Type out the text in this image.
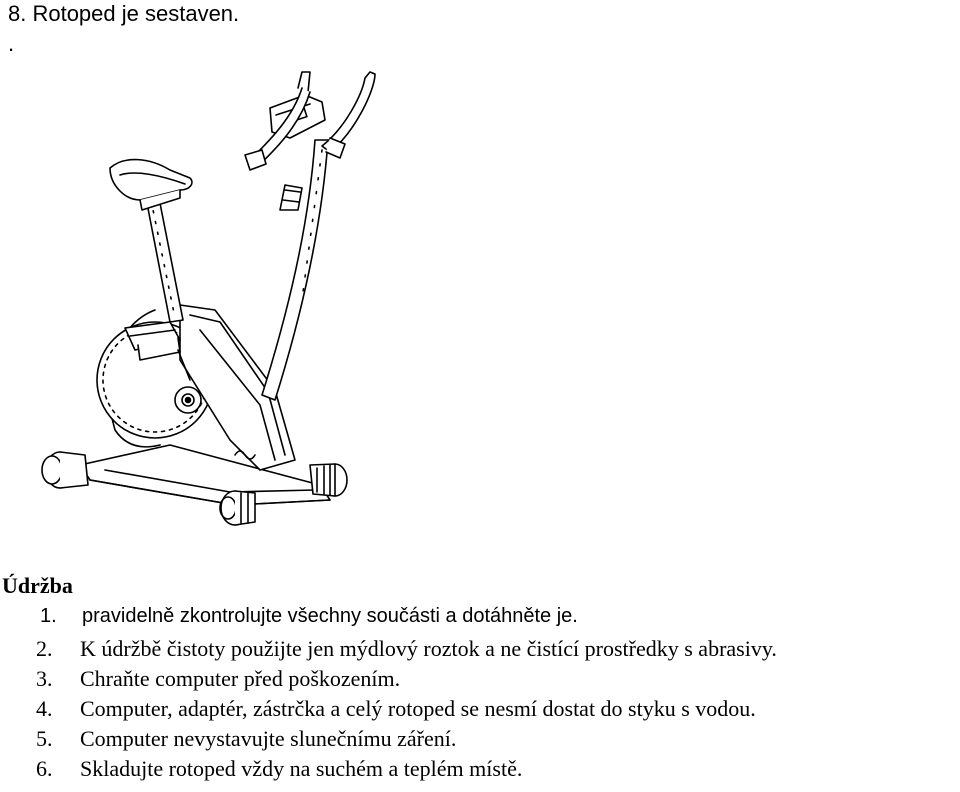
8. Rotoped je sestaven.
.
Údržba
1.	pravidelně zkontrolujte všechny součásti a dotáhněte je.
2.	K údržbě čistoty použijte jen mýdlový roztok a ne čistící prostředky s abrasivy.
3.	Chraňte computer před poškozením.
4.	Computer, adaptér, zástrčka a celý rotoped se nesmí dostat do styku s vodou.
5.	Computer nevystavujte slunečnímu záření.
6.	Skladujte rotoped vždy na suchém a teplém místě.
